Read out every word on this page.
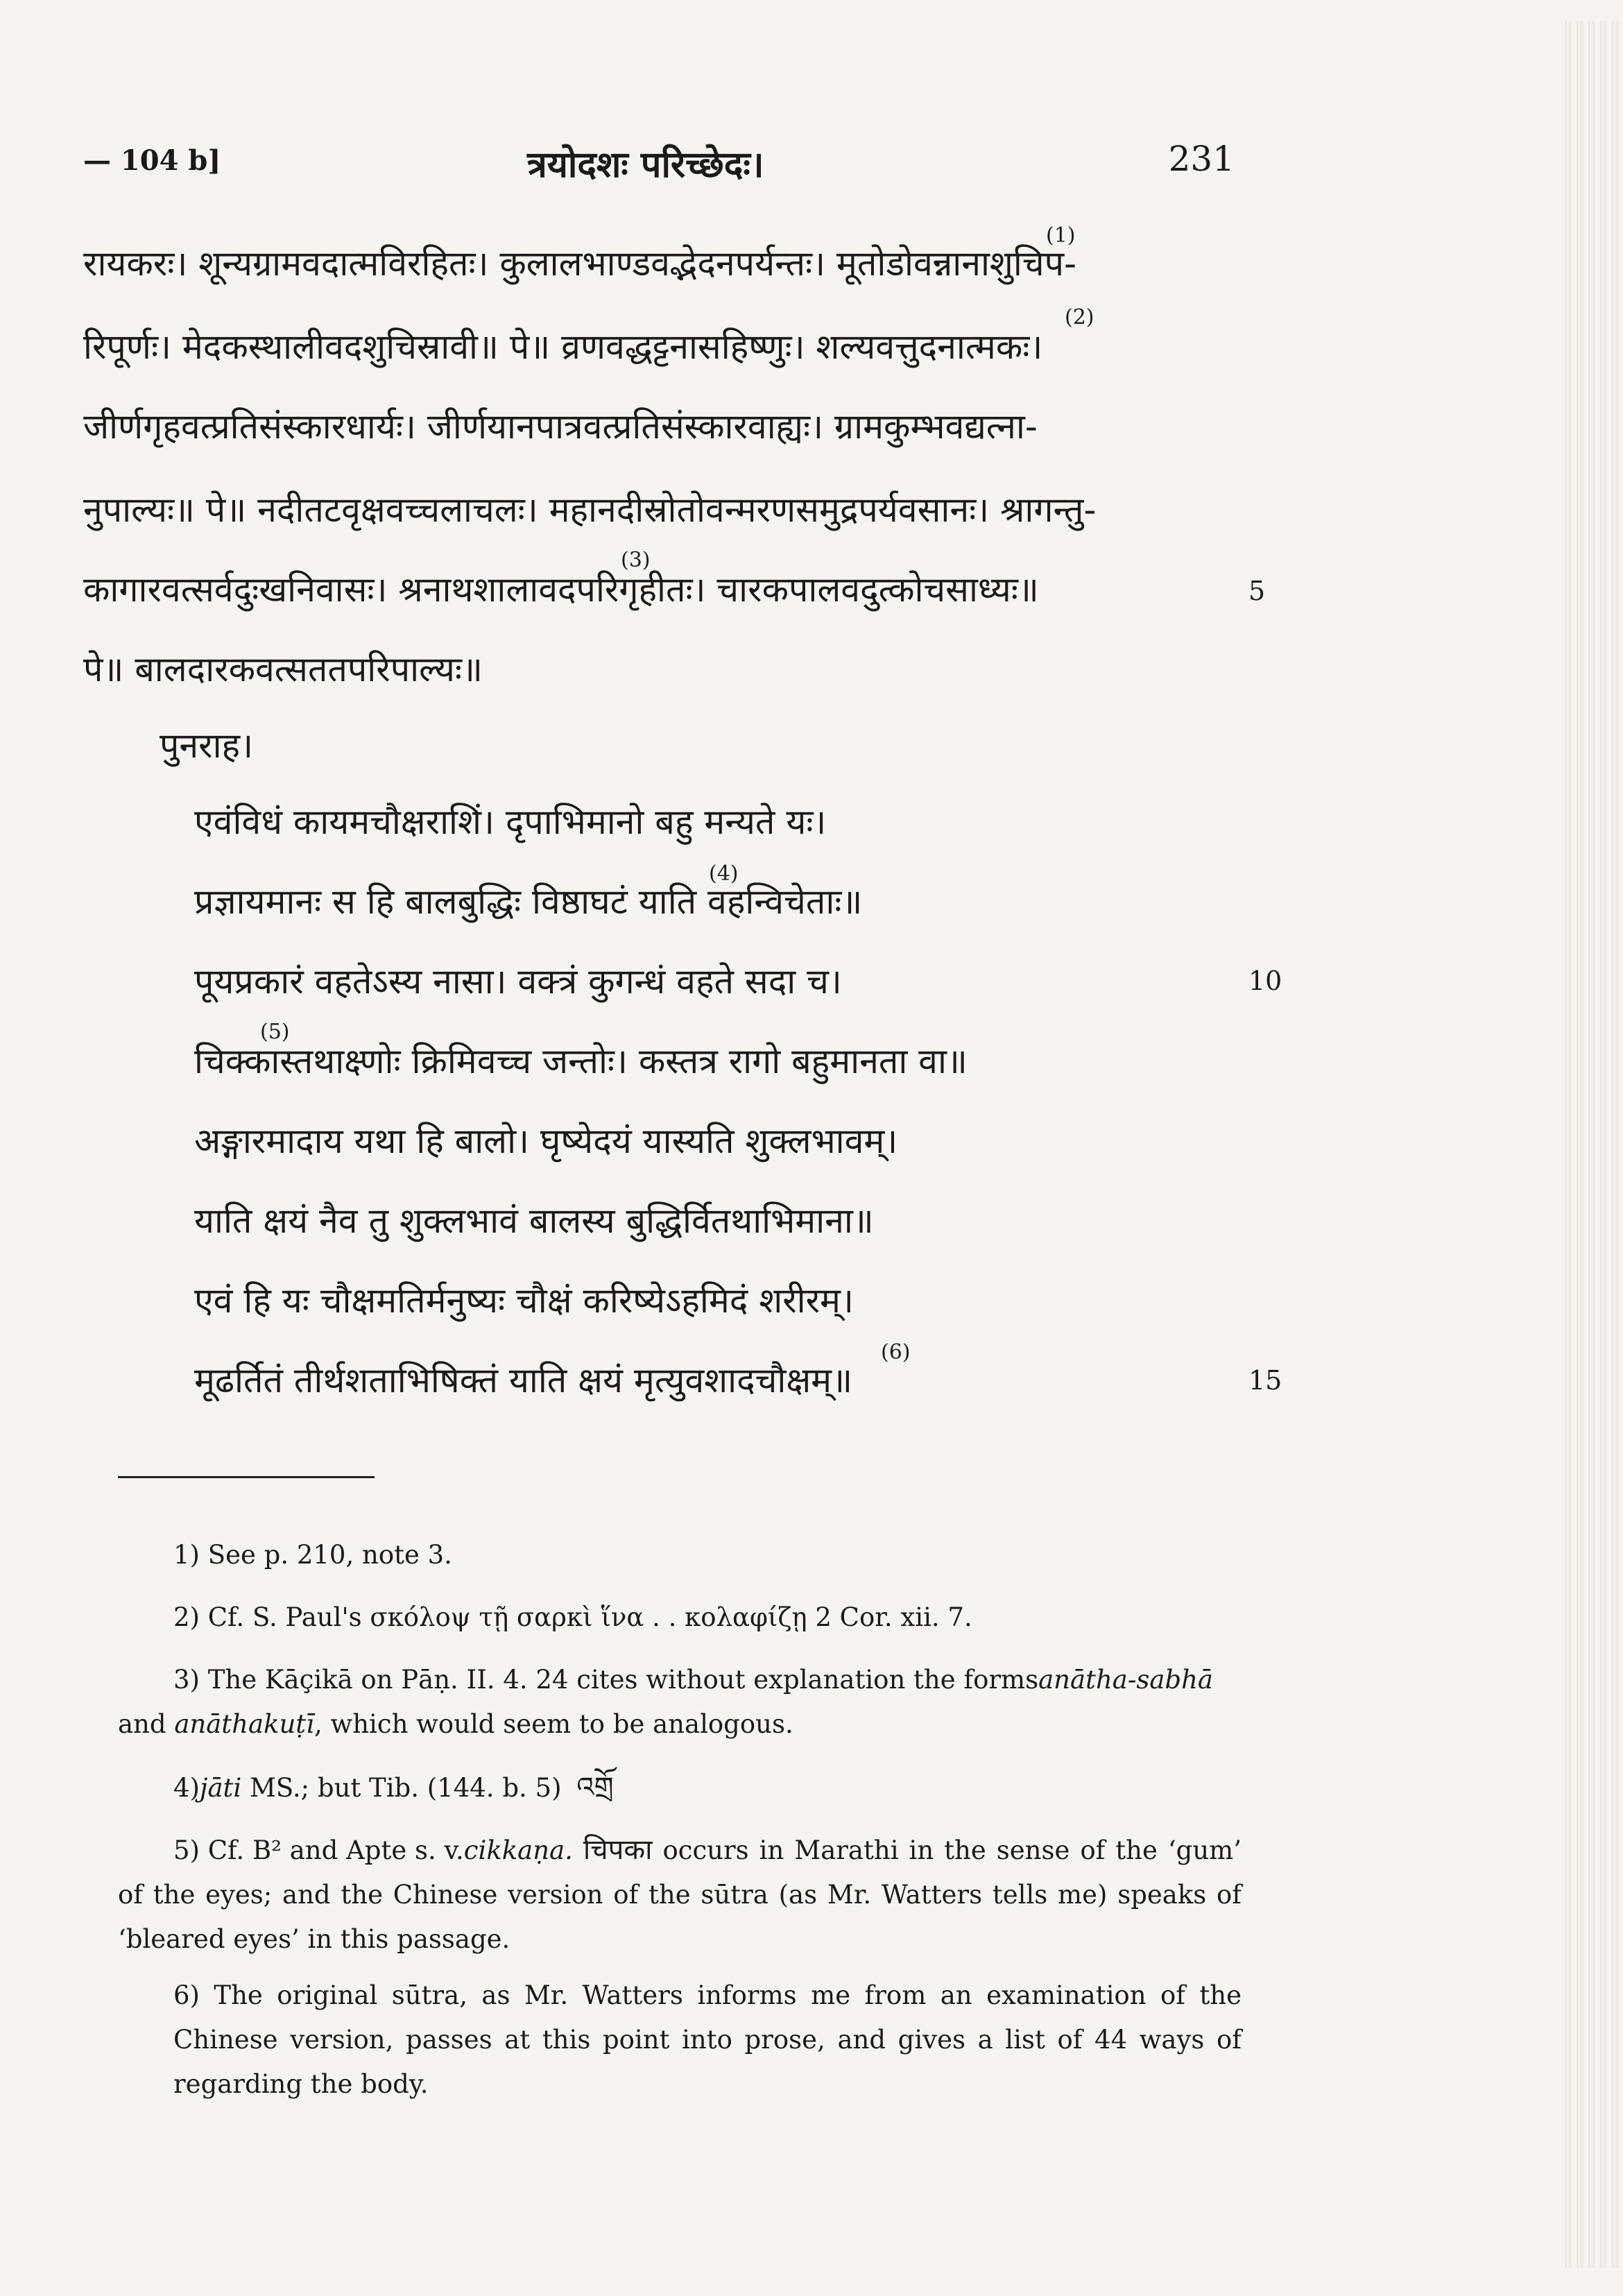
— 104 b]	त्रयोदशः परिच्छेदः।	231
रायकरः। शून्यग्रामवदात्मविरहितः। कुलालभाण्डवद्भेदनपर्यन्तः। मूतोडोवन्नानाशुचिप-
(1)
रिपूर्णः। मेदकस्थालीवदशुचिस्रावी॥ पे॥ व्रणवद्धट्टनासहिष्णुः। शल्यवत्तुदनात्मकः।
(2)
जीर्णगृहवत्प्रतिसंस्कारधार्यः। जीर्णयानपात्रवत्प्रतिसंस्कारवाह्यः। ग्रामकुम्भवद्यत्ना-
नुपाल्यः॥ पे॥ नदीतटवृक्षवच्चलाचलः। महानदीस्रोतोवन्मरणसमुद्रपर्यवसानः। श्रागन्तु-
कागारवत्सर्वदुःखनिवासः। श्रनाथशालावदपरिगृहीतः। चारकपालवदुत्कोचसाध्यः॥
(3)
5
पे॥ बालदारकवत्सततपरिपाल्यः॥
पुनराह।
एवंविधं कायमचौक्षराशिं। दृपाभिमानो बहु मन्यते यः।
प्रज्ञायमानः स हि बालबुद्धिः विष्ठाघटं याति वहन्विचेताः॥
(4)
पूयप्रकारं वहतेऽस्य नासा। वक्त्रं कुगन्धं वहते सदा च।	10
चिक्कास्तथाक्ष्णोः क्रिमिवच्च जन्तोः। कस्तत्र रागो बहुमानता वा॥
(5)
अङ्गारमादाय यथा हि बालो। घृष्येदयं यास्यति शुक्लभावम्।
याति क्षयं नैव तु शुक्लभावं बालस्य बुद्धिर्वितथाभिमाना॥
एवं हि यः चौक्षमतिर्मनुष्यः चौक्षं करिष्येऽहमिदं शरीरम्।
मूढर्तितं तीर्थशताभिषिक्तं याति क्षयं मृत्युवशादचौक्षम्॥
(6)
15
1) See p. 210, note 3.
2) Cf. S. Paul's σκόλοψ τῇ σαρκὶ ἵνα . . κολαφίζῃ 2 Cor. xii. 7.
3) The Kāçikā on Pāṇ. II. 4. 24 cites without explanation the formsanātha-sabhā and anāthakuṭī, which would seem to be analogous.
4)jāti MS.; but Tib. (144. b. 5) འགྲོ
5) Cf. B² and Apte s. v.cikkaṇa. चिपका occurs in Marathi in the sense of the ‘gum’ of the eyes; and the Chinese version of the sūtra (as Mr. Watters tells me) speaks of ‘bleared eyes’ in this passage.
6) The original sūtra, as Mr. Watters informs me from an examination of the Chinese version, passes at this point into prose, and gives a list of 44 ways of regarding the body.
